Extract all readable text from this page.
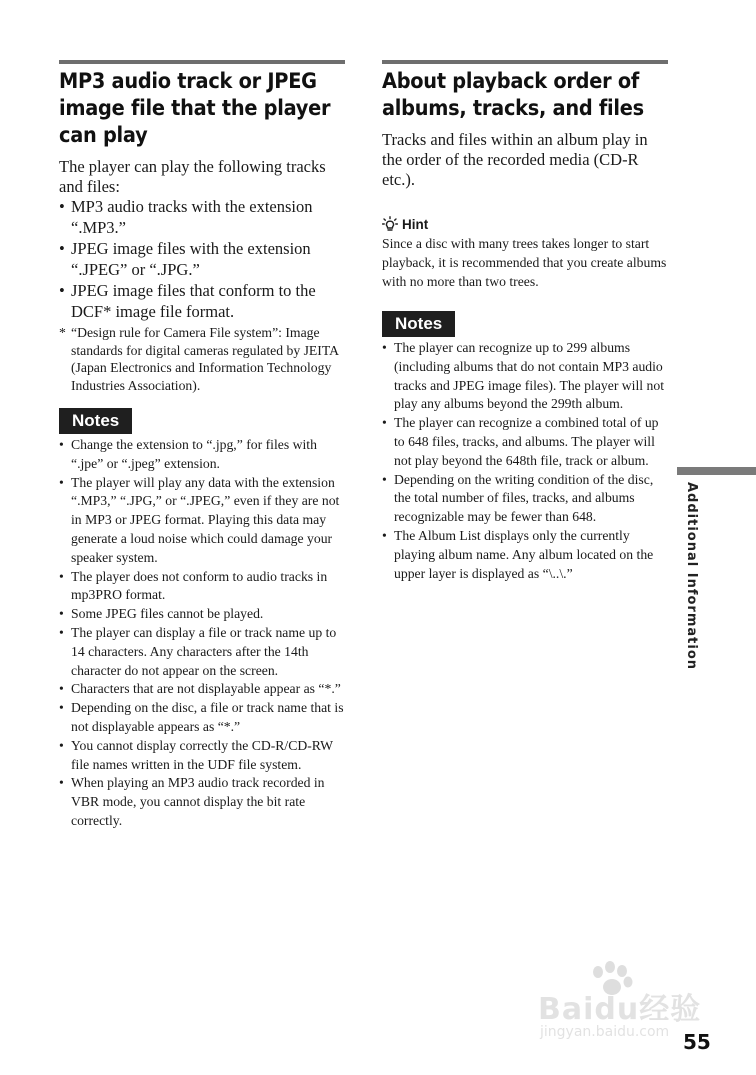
MP3 audio track or JPEG image file that the player can play

The player can play the following tracks and files:

• MP3 audio tracks with the extension “.MP3.”
• JPEG image files with the extension “.JPEG” or “.JPG.”
• JPEG image files that conform to the DCF* image file format.
* “Design rule for Camera File system”: Image standards for digital cameras regulated by JEITA (Japan Electronics and Information Technology Industries Association).
Notes
• Change the extension to “.jpg,” for files with “.jpe” or “.jpeg” extension.
• The player will play any data with the extension “.MP3,” “.JPG,” or “.JPEG,” even if they are not in MP3 or JPEG format. Playing this data may generate a loud noise which could damage your speaker system.
• The player does not conform to audio tracks in mp3PRO format.
• Some JPEG files cannot be played.
• The player can display a file or track name up to 14 characters. Any characters after the 14th character do not appear on the screen.
• Characters that are not displayable appear as “*.”
• Depending on the disc, a file or track name that is not displayable appears as “*.”
• You cannot display correctly the CD-R/CD-RW file names written in the UDF file system.
• When playing an MP3 audio track recorded in VBR mode, you cannot display the bit rate correctly.
About playback order of albums, tracks, and files

Tracks and files within an album play in the order of the recorded media (CD-R etc.).

Hint
Since a disc with many trees takes longer to start playback, it is recommended that you create albums with no more than two trees.
Notes
• The player can recognize up to 299 albums (including albums that do not contain MP3 audio tracks and JPEG image files). The player will not play any albums beyond the 299th album.
• The player can recognize a combined total of up to 648 files, tracks, and albums. The player will not play beyond the 648th file, track or album.
• Depending on the writing condition of the disc, the total number of files, tracks, and albums recognizable may be fewer than 648.
• The Album List displays only the currently playing album name. Any album located on the upper layer is displayed as “\..\.”	Additional Information
Baidu经验
jingyan.baidu.com 55
